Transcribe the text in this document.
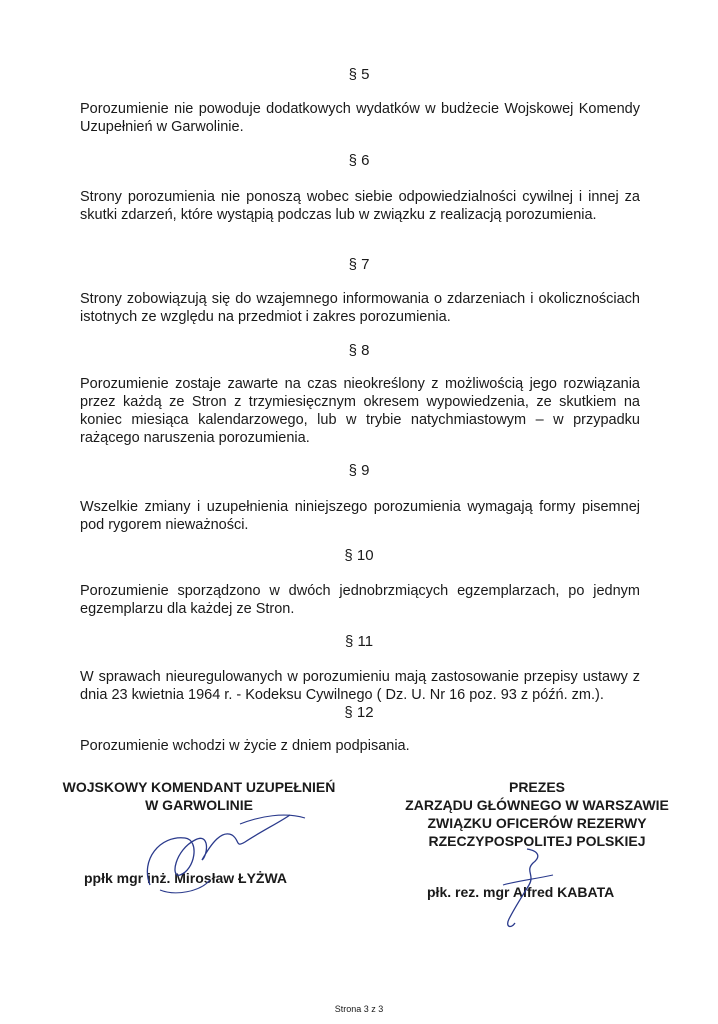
§ 5
Porozumienie nie powoduje dodatkowych wydatków w budżecie Wojskowej Komendy Uzupełnień w Garwolinie.
§ 6
Strony porozumienia nie ponoszą wobec siebie odpowiedzialności cywilnej i innej za skutki zdarzeń, które wystąpią podczas lub w związku z realizacją porozumienia.
§ 7
Strony zobowiązują się do wzajemnego informowania o zdarzeniach i okolicznościach istotnych ze względu na przedmiot i zakres porozumienia.
§ 8
Porozumienie zostaje zawarte na czas nieokreślony z możliwością jego rozwiązania przez każdą ze Stron z trzymiesięcznym okresem wypowiedzenia, ze skutkiem na koniec miesiąca kalendarzowego, lub w trybie natychmiastowym – w przypadku rażącego naruszenia porozumienia.
§ 9
Wszelkie zmiany i uzupełnienia niniejszego porozumienia wymagają formy pisemnej pod rygorem nieważności.
§ 10
Porozumienie sporządzono w dwóch jednobrzmiących egzemplarzach, po jednym egzemplarzu dla każdej ze Stron.
§ 11
W sprawach nieuregulowanych w porozumieniu mają zastosowanie przepisy ustawy z dnia 23 kwietnia 1964 r. - Kodeksu Cywilnego ( Dz. U. Nr 16 poz. 93 z późń. zm.).
§ 12
Porozumienie wchodzi w życie z dniem podpisania.
WOJSKOWY KOMENDANT UZUPEŁNIEŃ
W GARWOLINIE
ppłk mgr inż. Mirosław ŁYŻWA
PREZES
ZARZĄDU GŁÓWNEGO W WARSZAWIE
ZWIĄZKU OFICERÓW REZERWY
RZECZYPOSPOLITEJ POLSKIEJ
płk. rez. mgr Alfred KABATA
Strona 3 z 3
